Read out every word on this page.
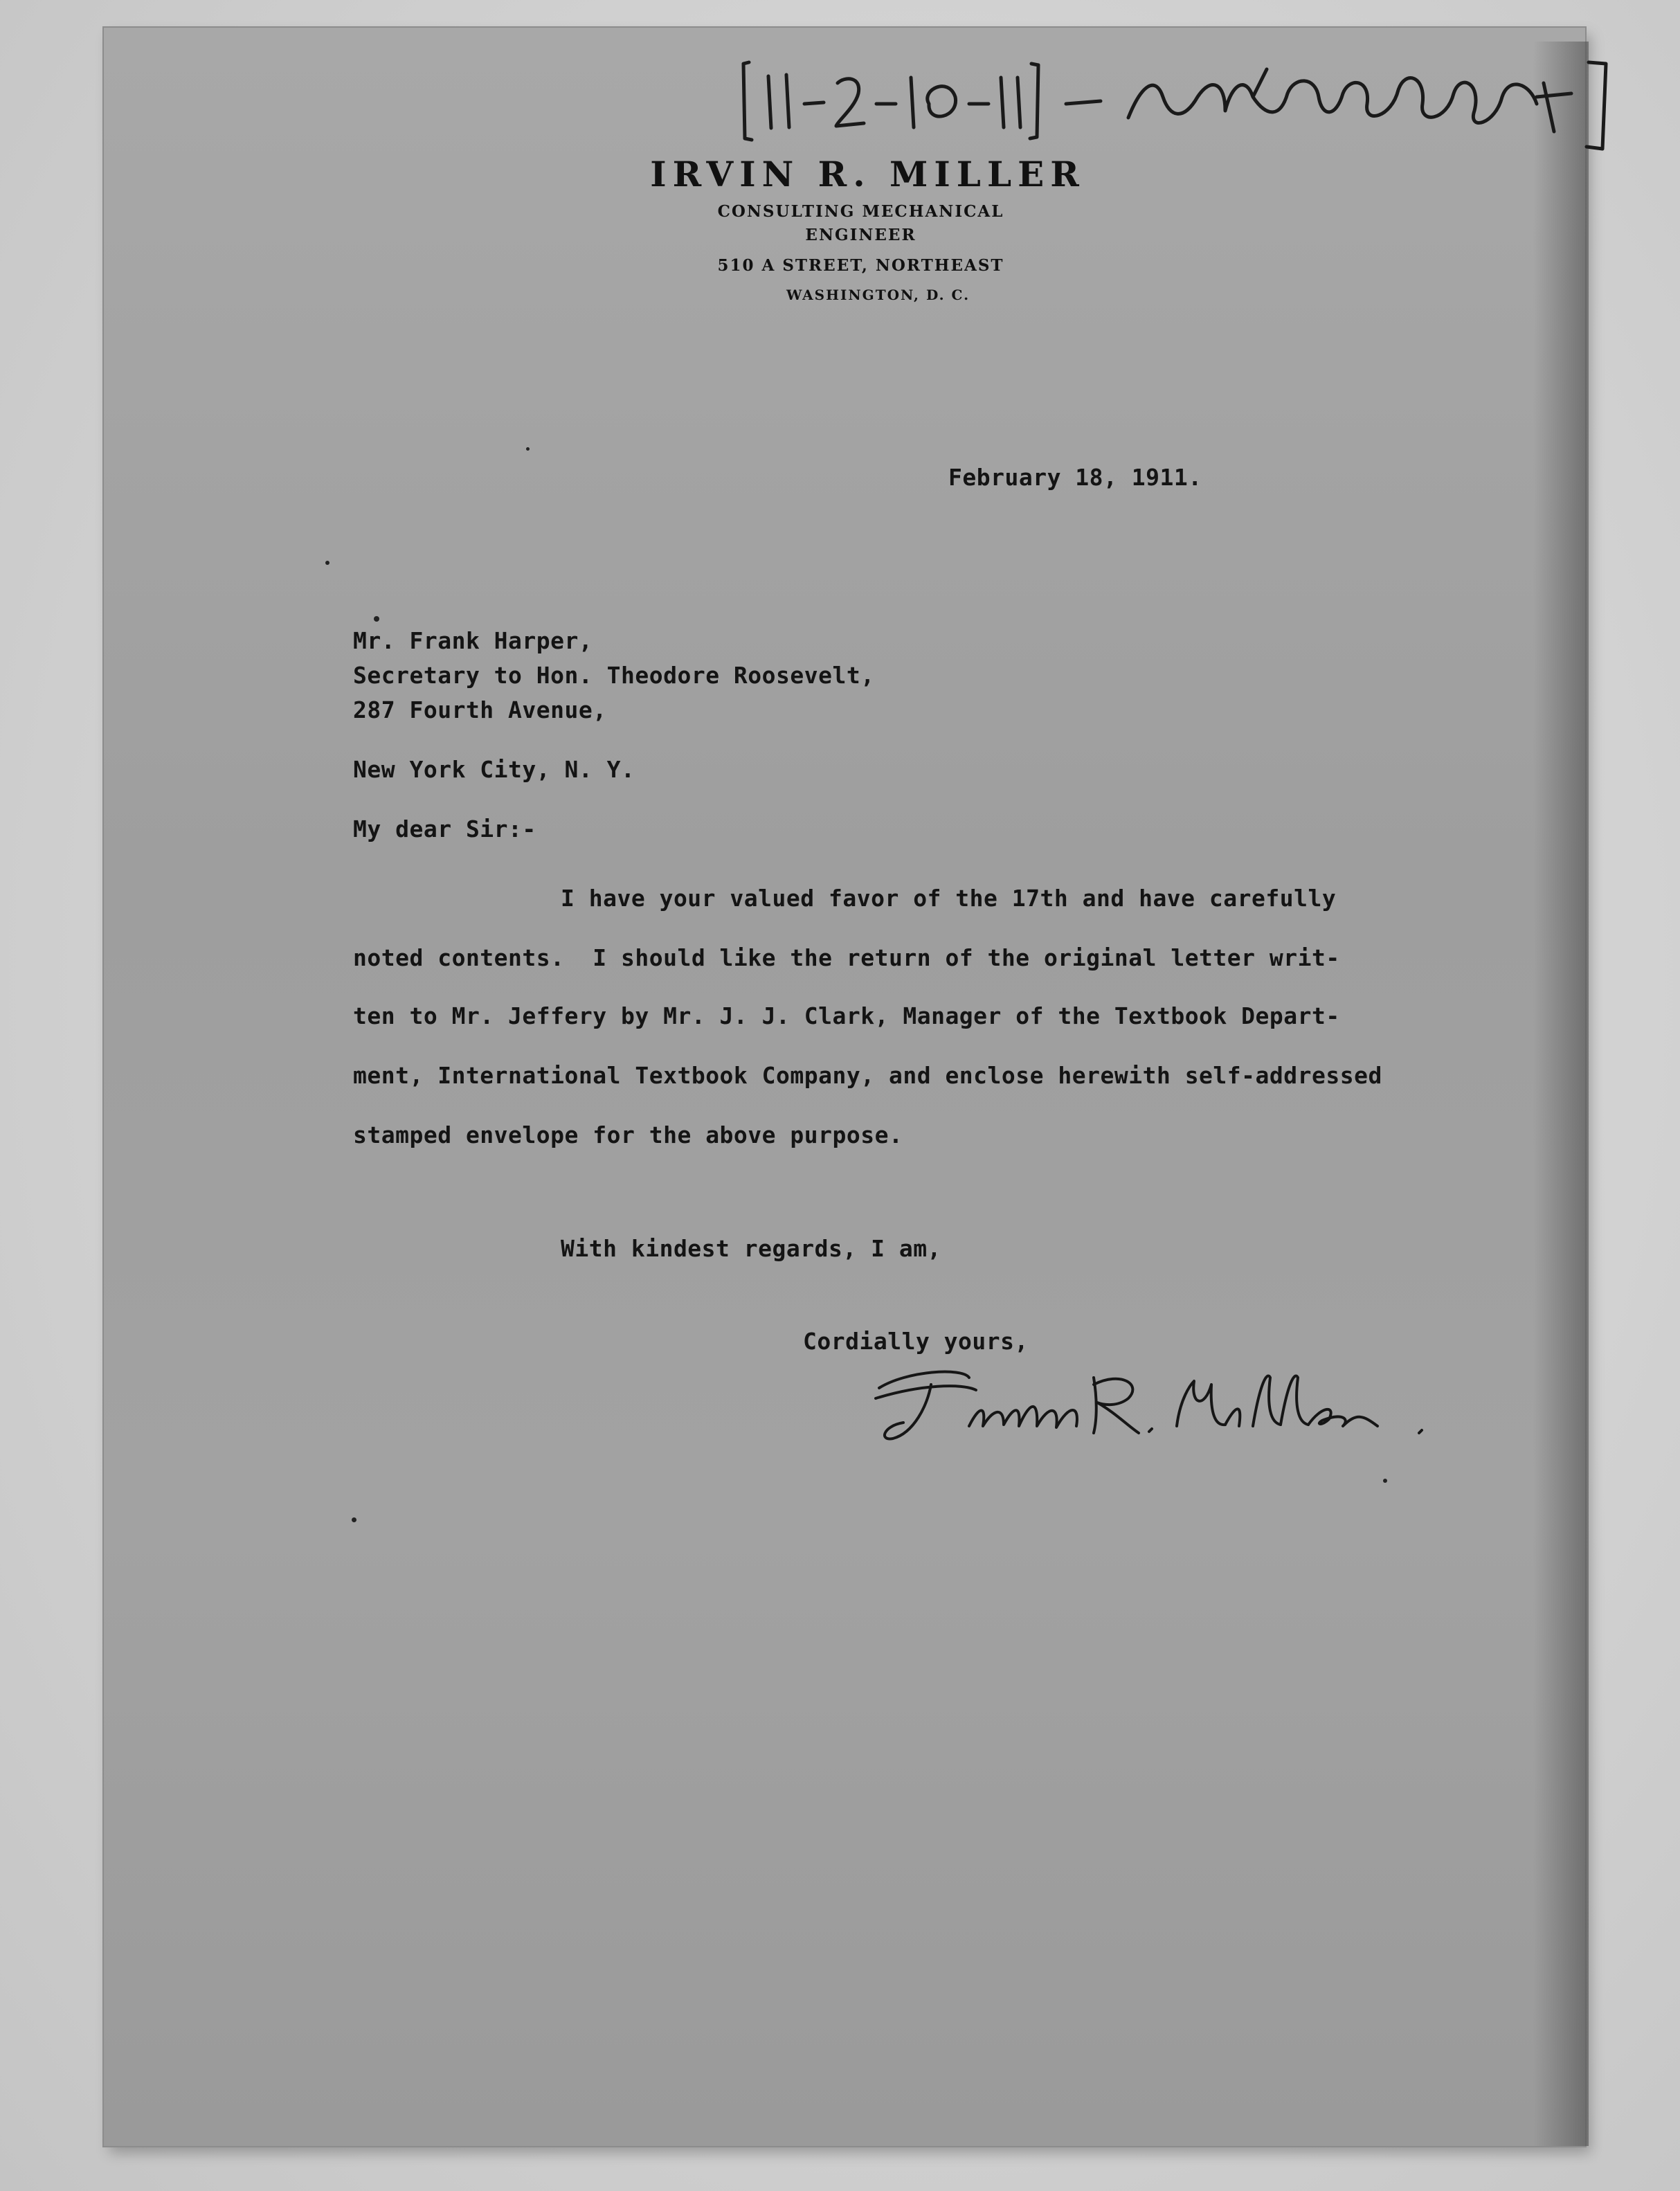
IRVIN R. MILLER
CONSULTING MECHANICAL
ENGINEER
510 A STREET, NORTHEAST
WASHINGTON, D. C.
February 18, 1911.
Mr. Frank Harper,
Secretary to Hon. Theodore Roosevelt,
287 Fourth Avenue,
New York City, N. Y.
My dear Sir:-
I have your valued favor of the 17th and have carefully
noted contents.  I should like the return of the original letter writ-
ten to Mr. Jeffery by Mr. J. J. Clark, Manager of the Textbook Depart-
ment, International Textbook Company, and enclose herewith self-addressed
stamped envelope for the above purpose.
With kindest regards, I am,
Cordially yours,
